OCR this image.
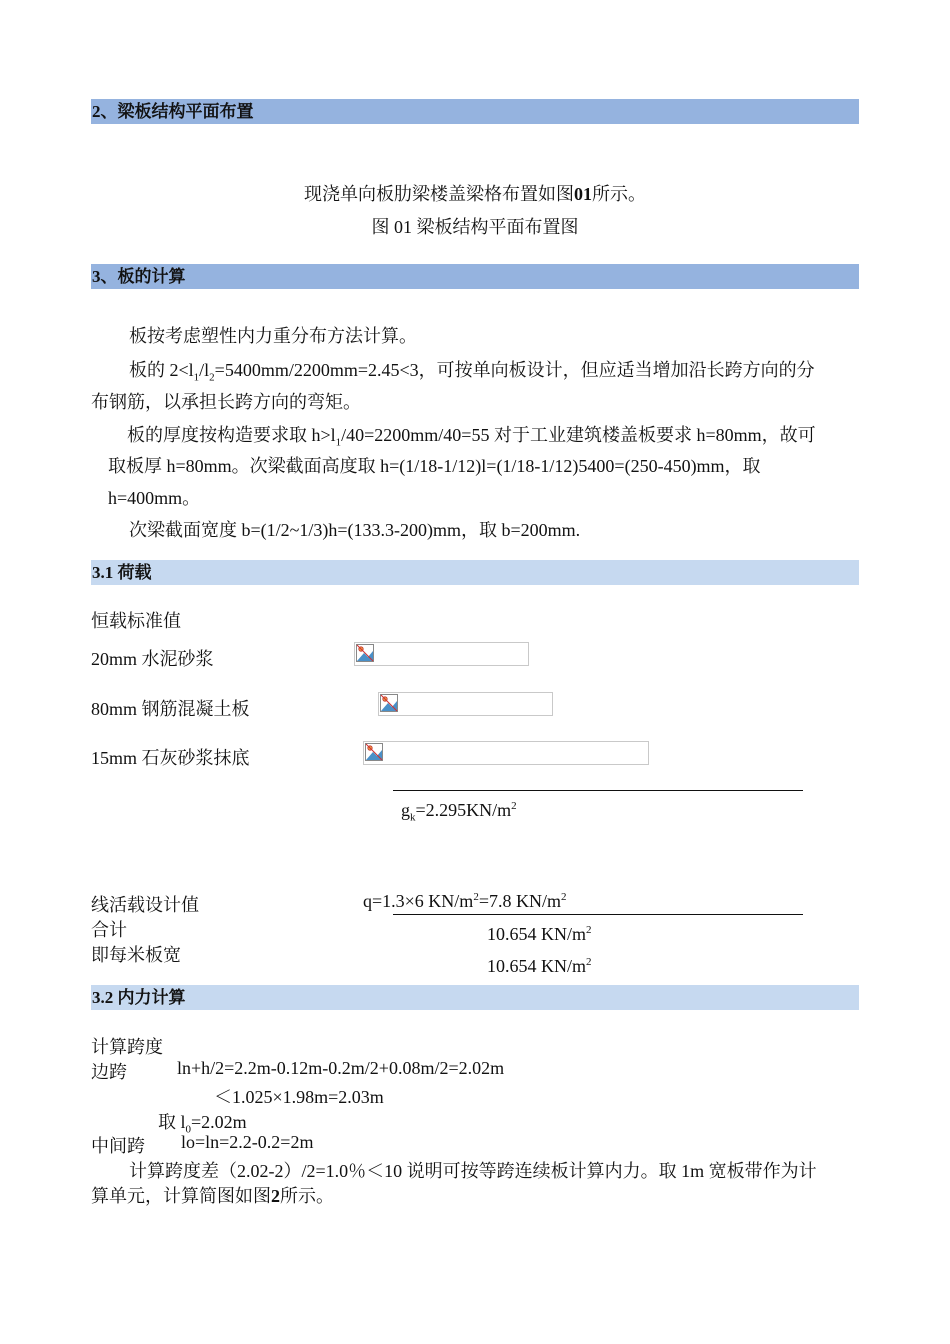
2、梁板结构平面布置
现浇单向板肋梁楼盖梁格布置如图01所示。
图 01 梁板结构平面布置图
3、板的计算
板按考虑塑性内力重分布方法计算。
板的 $2<l_1/l_2=5400mm/2200mm=2.45<3$，可按单向板设计，但应适当增加沿长跨方向的分
布钢筋，以承担长跨方向的弯矩。
板的厚度按构造要求取 $h>l_1/40=2200mm/40=55$ 对于工业建筑楼盖板要求 h=80mm，故可
取板厚 h=80mm。次梁截面高度取 h=(1/18-1/12)l=(1/18-1/12)5400=(250-450)mm，取
h=400mm。
次梁截面宽度 b=(1/2~1/3)h=(133.3-200)mm，取 b=200mm.
3.1 荷载
恒载标准值
20mm 水泥砂浆
80mm 钢筋混凝土板
15mm 石灰砂浆抹底
$g_k=2.295KN/m^2$
线活载设计值	q=1.3×6 $KN/m^2=7.8$ $KN/m^2$
合计	10.654 $KN/m^2$
即每米板宽
10.654 $KN/m^2$
3.2 内力计算
计算跨度
边跨	ln+h/2=2.2m-0.12m-0.2m/2+0.08m/2=2.02m
＜1.025×1.98m=2.03m
取 $l_0=2.02m$
中间跨 lo=ln=2.2-0.2=2m
计算跨度差（2.02-2）/2=1.0％＜10 说明可按等跨连续板计算内力。取 1m 宽板带作为计
算单元，计算简图如图2所示。
